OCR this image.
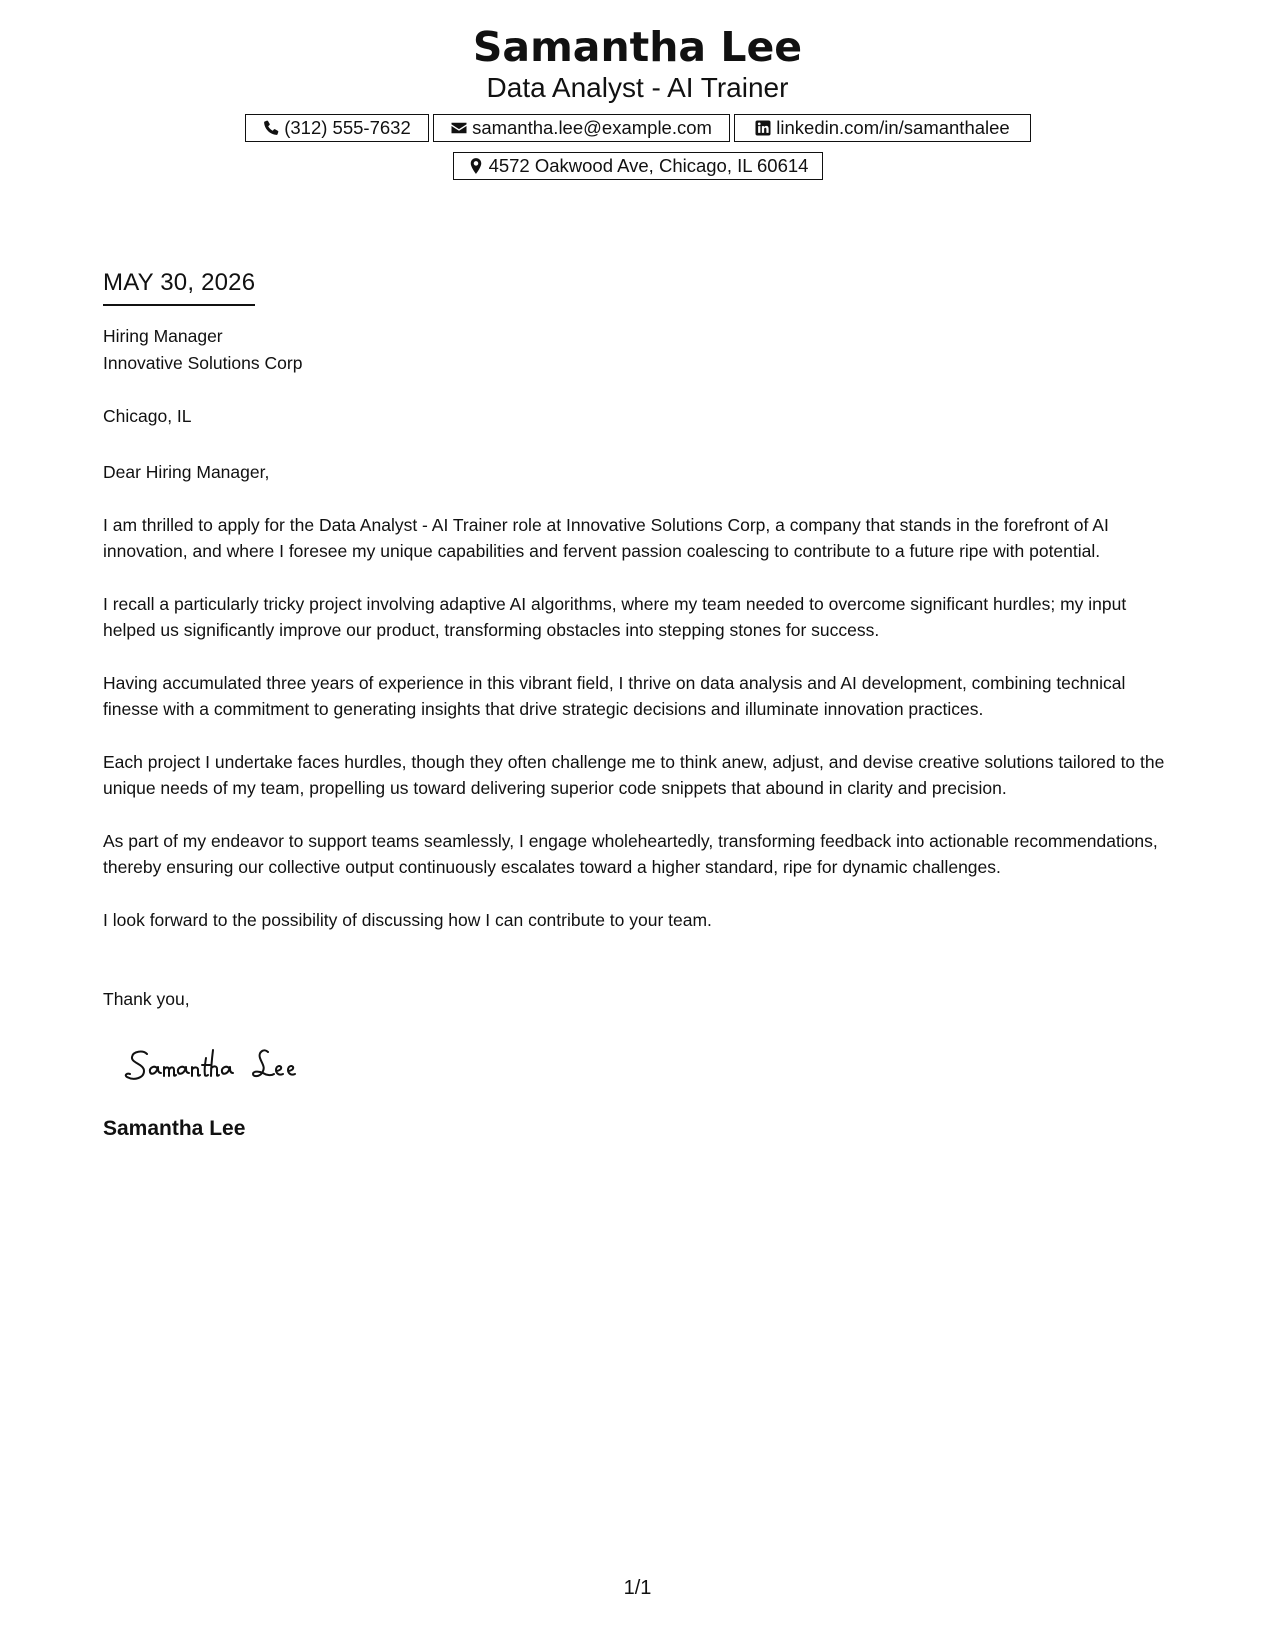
Samantha Lee
Data Analyst - AI Trainer
(312) 555-7632	samantha.lee@example.com	linkedin.com/in/samanthalee
4572 Oakwood Ave, Chicago, IL 60614
MAY 30, 2026
Hiring Manager
Innovative Solutions Corp
Chicago, IL
Dear Hiring Manager,

I am thrilled to apply for the Data Analyst - AI Trainer role at Innovative Solutions Corp, a company that stands in the forefront of AI innovation, and where I foresee my unique capabilities and fervent passion coalescing to contribute to a future ripe with potential.

I recall a particularly tricky project involving adaptive AI algorithms, where my team needed to overcome significant hurdles; my input helped us significantly improve our product, transforming obstacles into stepping stones for success.

Having accumulated three years of experience in this vibrant field, I thrive on data analysis and AI development, combining technical finesse with a commitment to generating insights that drive strategic decisions and illuminate innovation practices.

Each project I undertake faces hurdles, though they often challenge me to think anew, adjust, and devise creative solutions tailored to the unique needs of my team, propelling us toward delivering superior code snippets that abound in clarity and precision.

As part of my endeavor to support teams seamlessly, I engage wholeheartedly, transforming feedback into actionable recommendations, thereby ensuring our collective output continuously escalates toward a higher standard, ripe for dynamic challenges.

I look forward to the possibility of discussing how I can contribute to your team.

Thank you,
Samantha Lee
1/1
